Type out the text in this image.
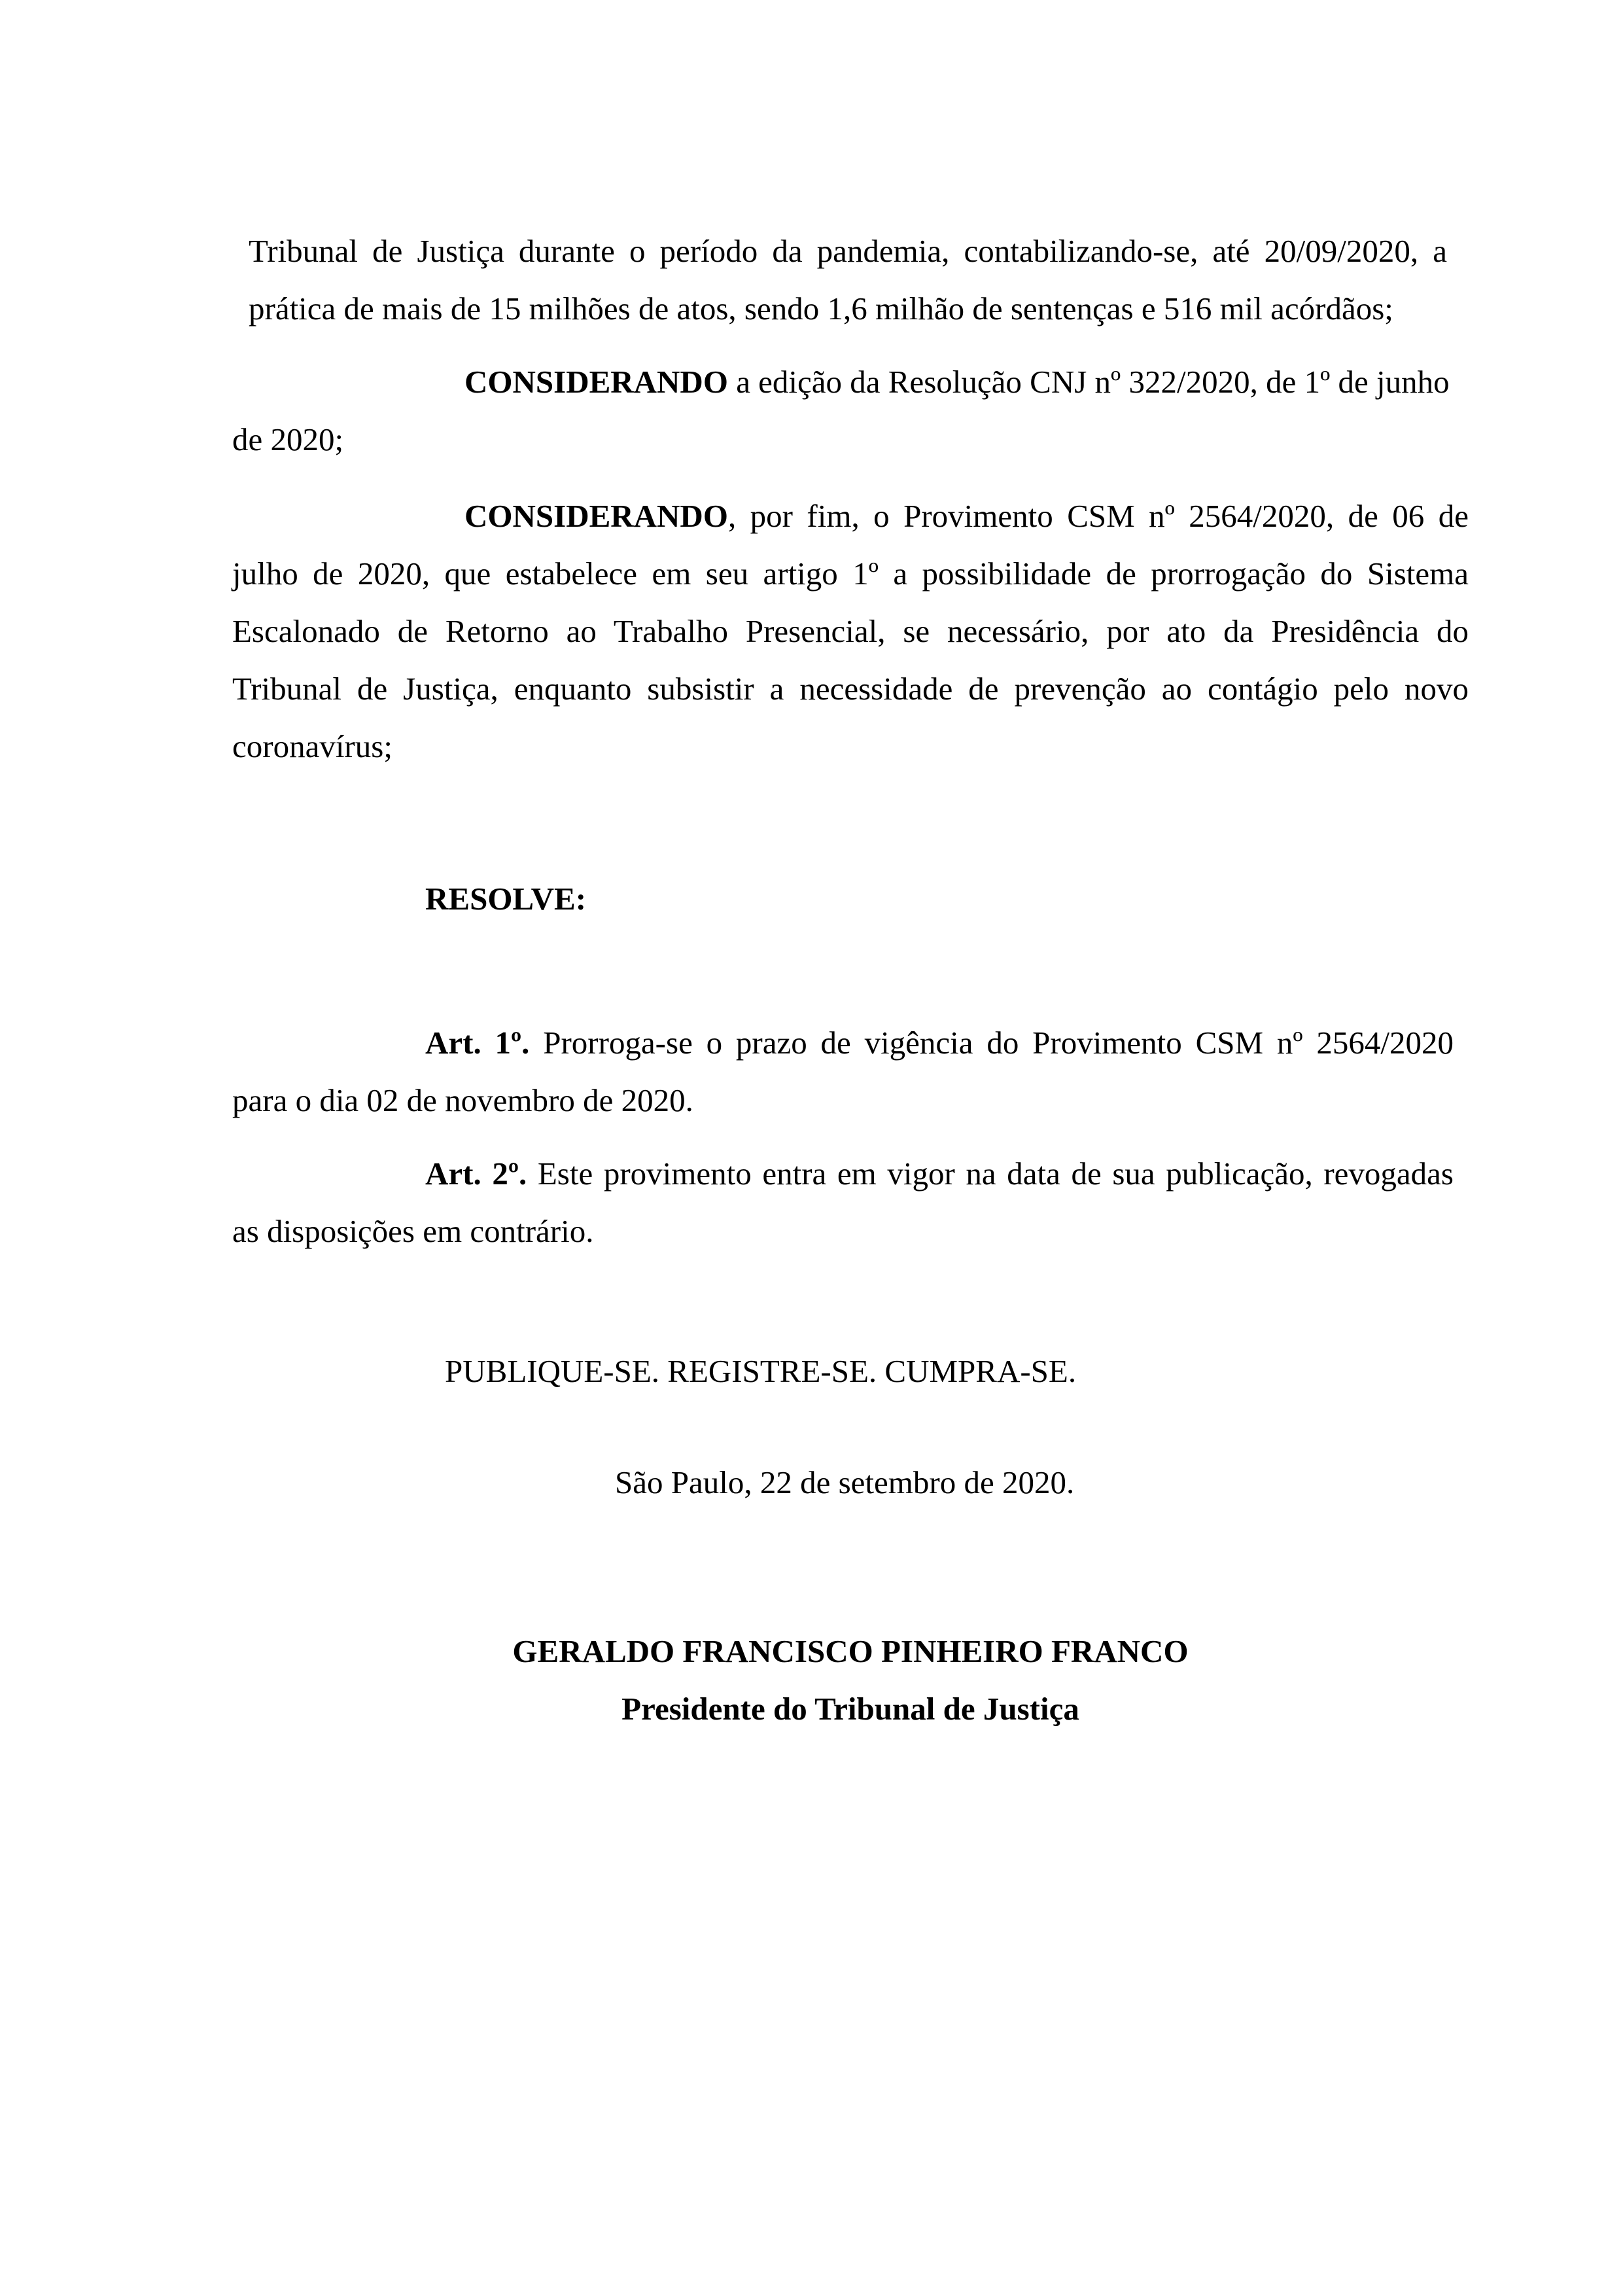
Tribunal de Justiça durante o período da pandemia, contabilizando-se, até 20/09/2020, a
prática de mais de 15 milhões de atos, sendo 1,6 milhão de sentenças e 516 mil acórdãos;
CONSIDERANDO a edição da Resolução CNJ nº 322/2020, de 1º de junho
de 2020;
CONSIDERANDO, por fim, o Provimento CSM nº 2564/2020, de 06 de
julho de 2020, que estabelece em seu artigo 1º a possibilidade de prorrogação do Sistema
Escalonado de Retorno ao Trabalho Presencial, se necessário, por ato da Presidência do
Tribunal de Justiça, enquanto subsistir a necessidade de prevenção ao contágio pelo novo
coronavírus;
RESOLVE:
Art. 1º. Prorroga-se o prazo de vigência do Provimento CSM nº 2564/2020
para o dia 02 de novembro de 2020.
Art. 2º. Este provimento entra em vigor na data de sua publicação, revogadas
as disposições em contrário.
PUBLIQUE-SE. REGISTRE-SE. CUMPRA-SE.
São Paulo, 22 de setembro de 2020.
GERALDO FRANCISCO PINHEIRO FRANCO
Presidente do Tribunal de Justiça
